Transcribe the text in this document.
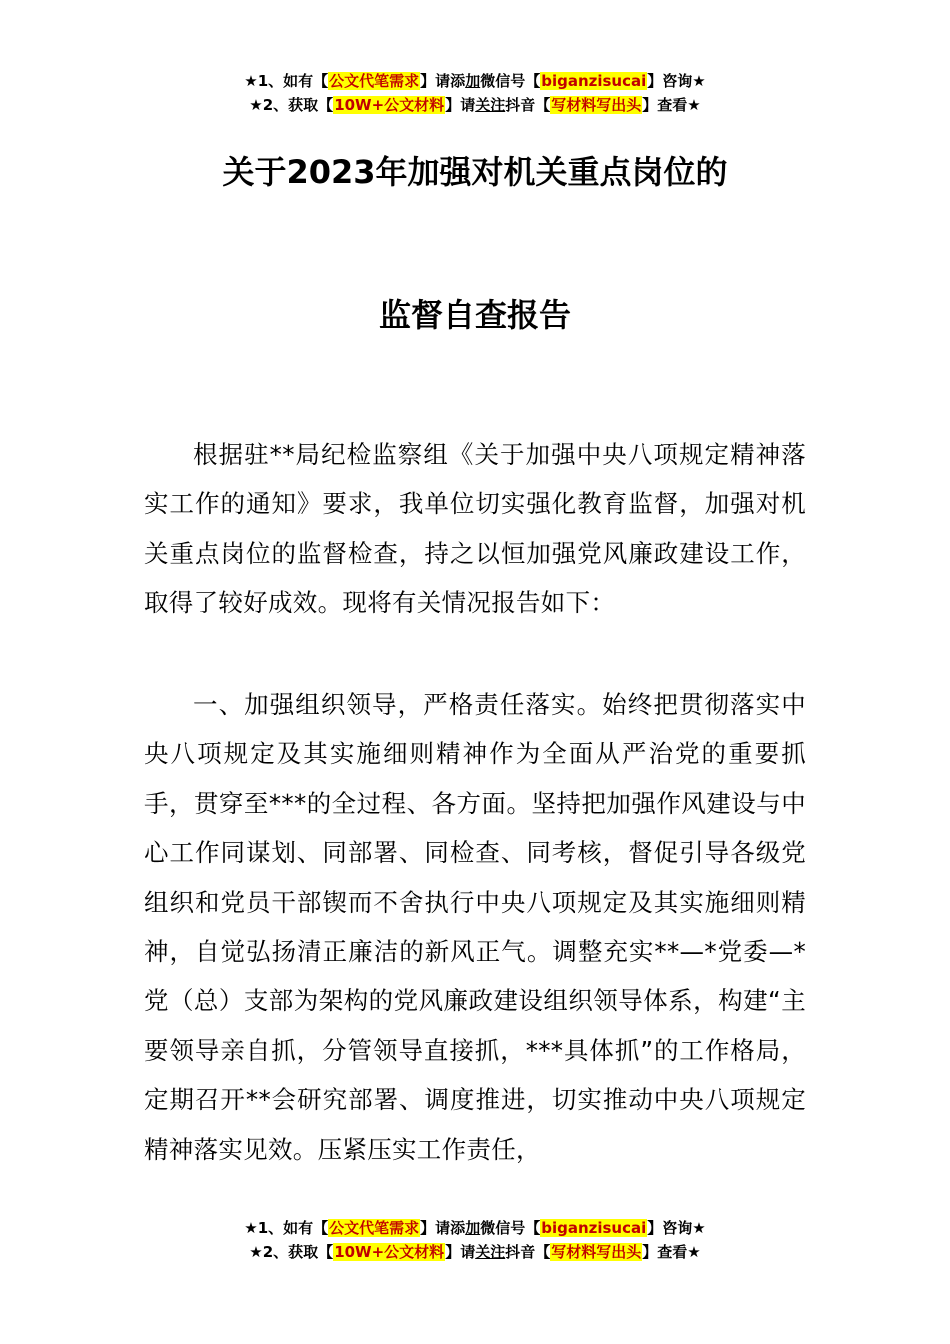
★1、如有【公文代笔需求】请添加微信号【biganzisucai】咨询★
★2、获取【10W+公文材料】请关注抖音【写材料写出头】查看★
关于2023年加强对机关重点岗位的
监督自查报告

根据驻**局纪检监察组《关于加强中央八项规定精神落实工作的通知》要求，我单位切实强化教育监督，加强对机关重点岗位的监督检查，持之以恒加强党风廉政建设工作，取得了较好成效。现将有关情况报告如下：

一、加强组织领导，严格责任落实。始终把贯彻落实中央八项规定及其实施细则精神作为全面从严治党的重要抓手，贯穿至***的全过程、各方面。坚持把加强作风建设与中心工作同谋划、同部署、同检查、同考核，督促引导各级党组织和党员干部锲而不舍执行中央八项规定及其实施细则精神，自觉弘扬清正廉洁的新风正气。调整充实**—*党委—*党（总）支部为架构的党风廉政建设组织领导体系，构建“主要领导亲自抓，分管领导直接抓，***具体抓”的工作格局，定期召开**会研究部署、调度推进，切实推动中央八项规定精神落实见效。压紧压实工作责任，

★1、如有【公文代笔需求】请添加微信号【biganzisucai】咨询★
★2、获取【10W+公文材料】请关注抖音【写材料写出头】查看★
